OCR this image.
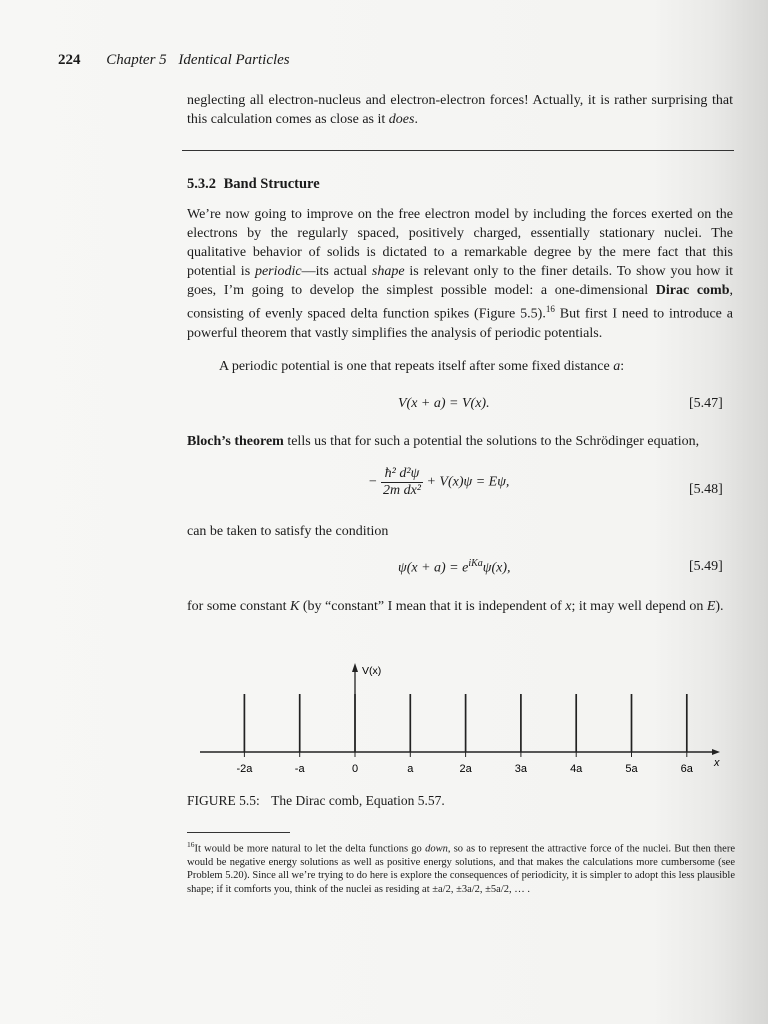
224 Chapter 5 Identical Particles
neglecting all electron-nucleus and electron-electron forces! Actually, it is rather surprising that this calculation comes as close as it does.
5.3.2 Band Structure
We’re now going to improve on the free electron model by including the forces exerted on the electrons by the regularly spaced, positively charged, essentially stationary nuclei. The qualitative behavior of solids is dictated to a remarkable degree by the mere fact that this potential is periodic—its actual shape is relevant only to the finer details. To show you how it goes, I’m going to develop the simplest possible model: a one-dimensional Dirac comb, consisting of evenly spaced delta function spikes (Figure 5.5).$^{16}$ But first I need to introduce a powerful theorem that vastly simplifies the analysis of periodic potentials.
A periodic potential is one that repeats itself after some fixed distance a:
V(x + a) = V(x).	[5.47]
Bloch’s theorem tells us that for such a potential the solutions to the Schrödinger equation,
− $\frac{\text{ħ² d²ψ}}{\text{2m dx²}} + V(x)\psi = E\psi$,	[5.48]
can be taken to satisfy the condition
$\psi(x + a) = e^{iKa}\psi(x)$,	[5.49]
for some constant K (by “constant” I mean that it is independent of x; it may well depend on E).
V(x)
x
-2a	-a	0	a	2a	3a	4a	5a	6a
FIGURE 5.5: The Dirac comb, Equation 5.57.
$^{16}$It would be more natural to let the delta functions go down, so as to represent the attractive force of the nuclei. But then there would be negative energy solutions as well as positive energy solutions, and that makes the calculations more cumbersome (see Problem 5.20). Since all we’re trying to do here is explore the consequences of periodicity, it is simpler to adopt this less plausible shape; if it comforts you, think of the nuclei as residing at ±a/2, ±3a/2, ±5a/2, … .
